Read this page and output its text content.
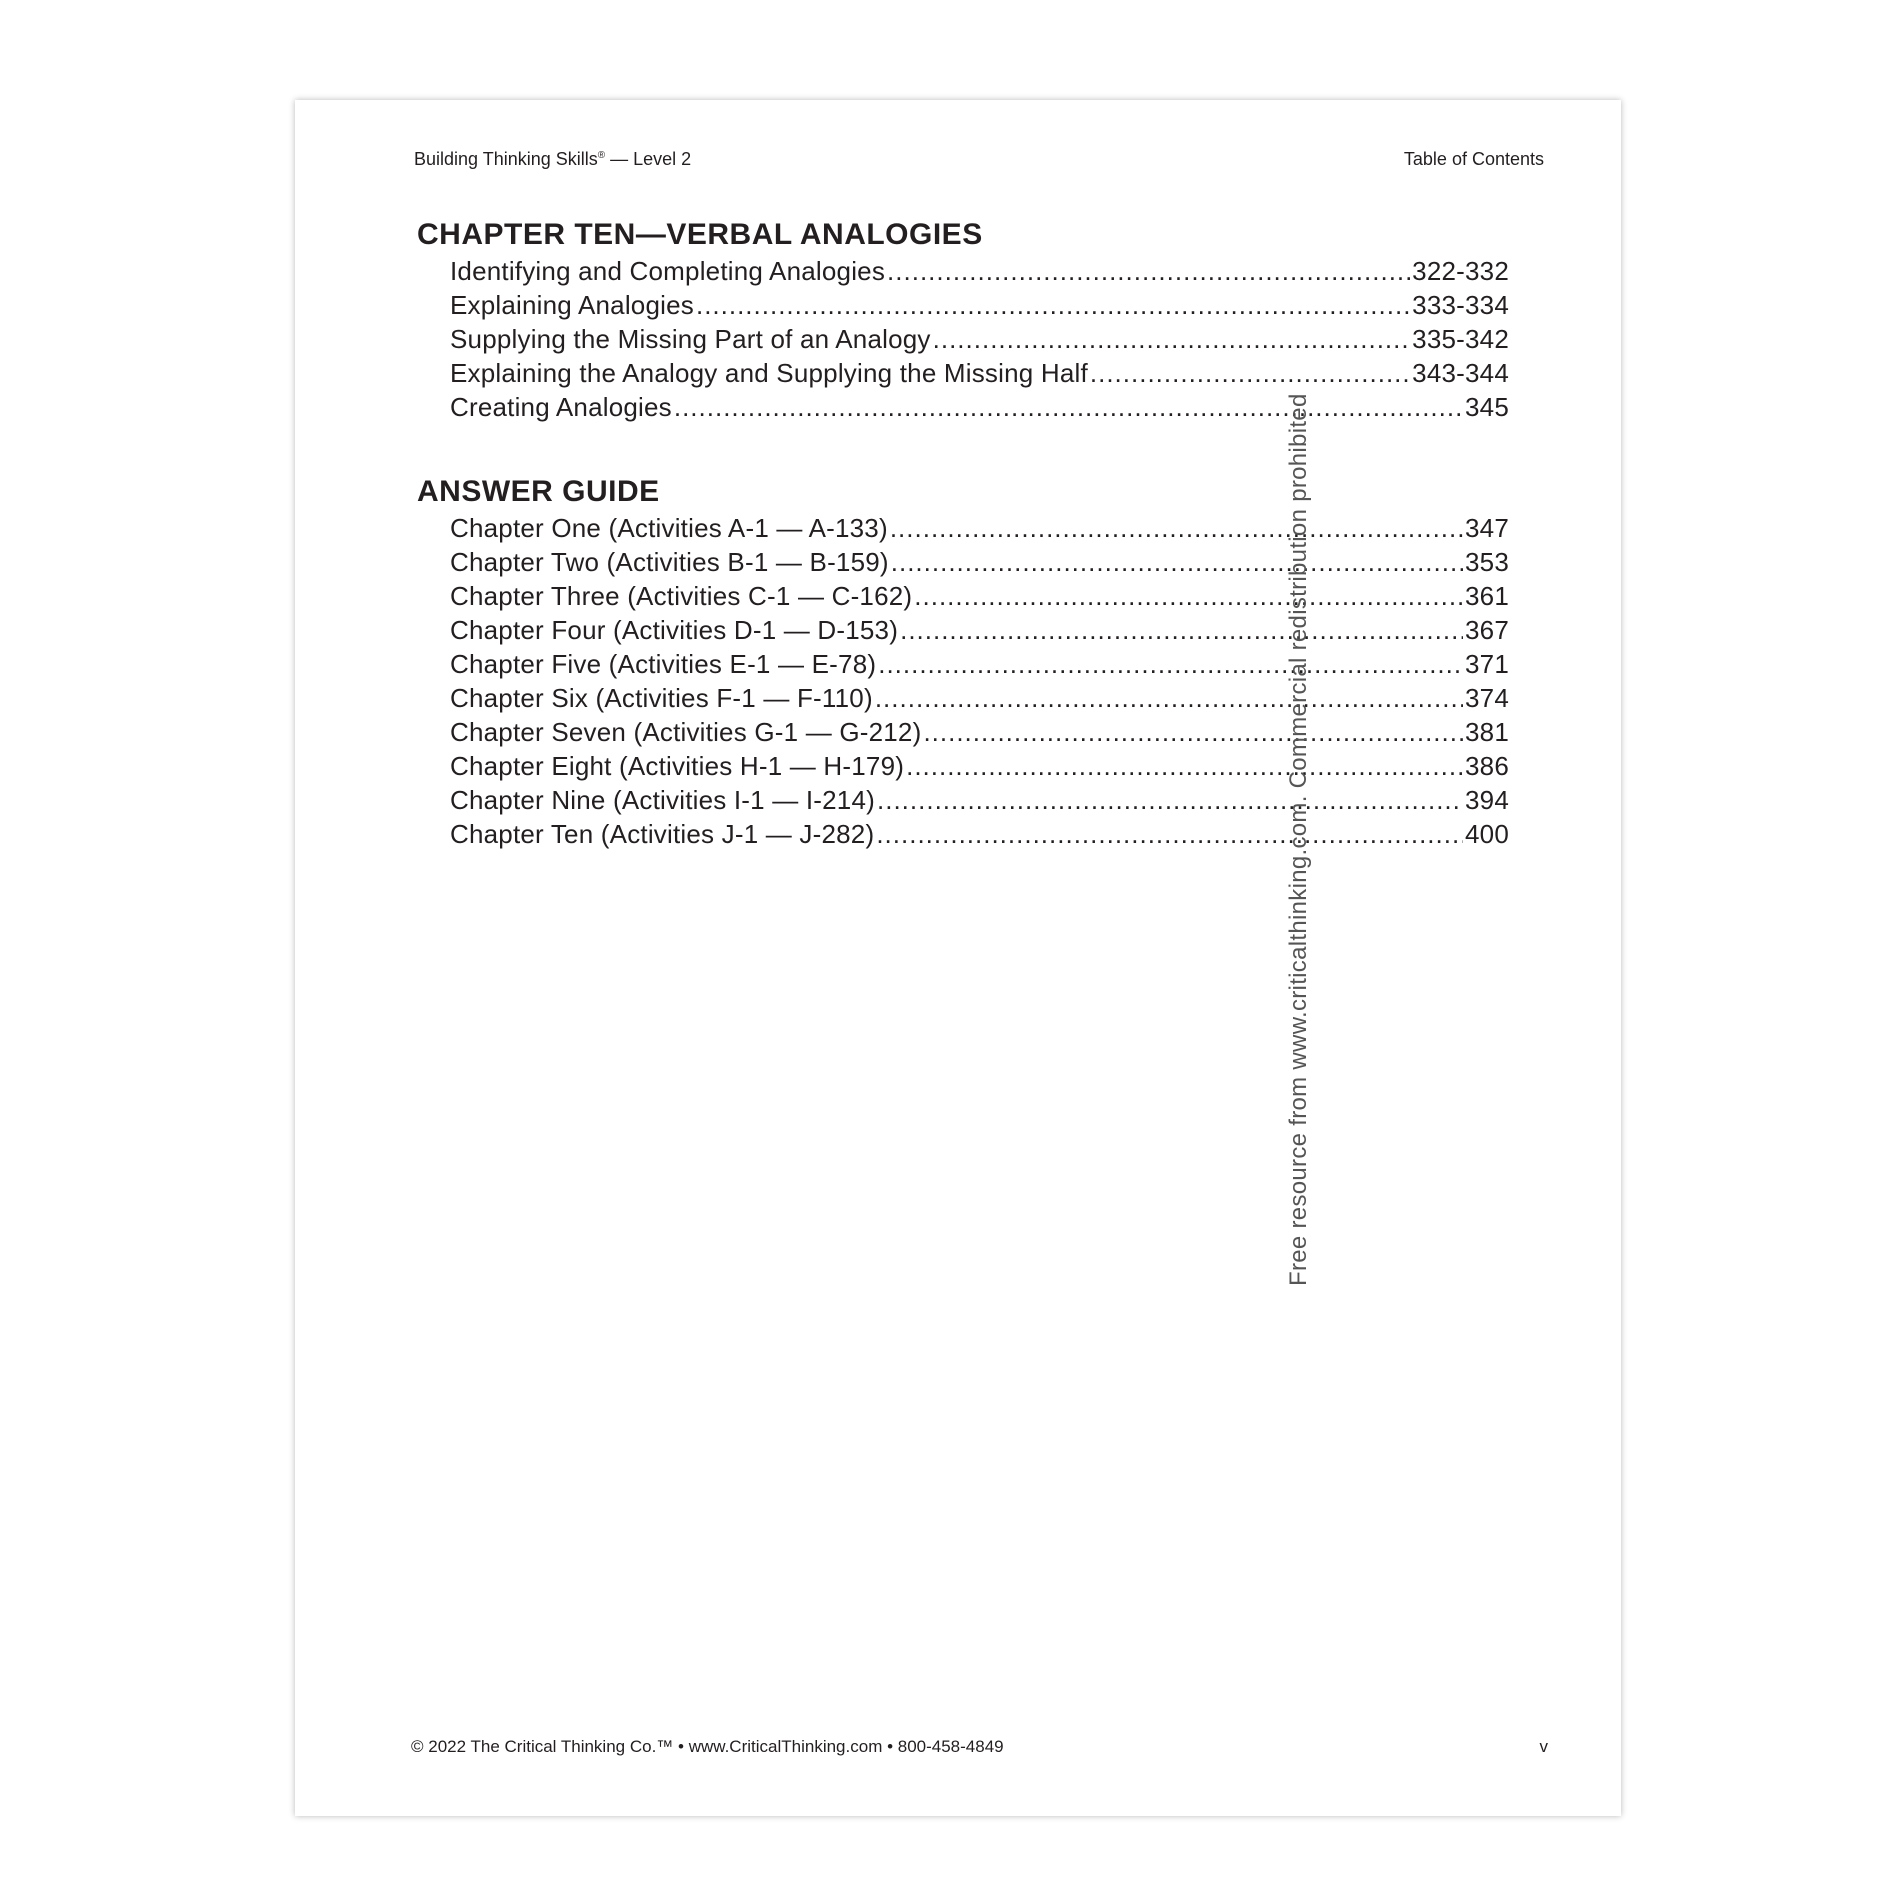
Building Thinking Skills® — Level 2	Table of Contents
CHAPTER TEN—VERBAL ANALOGIES
Identifying and Completing Analogies .....	322-332
Explaining Analogies .....	333-334
Supplying the Missing Part of an Analogy .....	335-342
Explaining the Analogy and Supplying the Missing Half .....	343-344
Creating Analogies .....	345
ANSWER GUIDE
Chapter One (Activities A-1 — A-133) .....	347
Chapter Two (Activities B-1 — B-159) .....	353
Chapter Three (Activities C-1 — C-162) .....	361
Chapter Four (Activities D-1 — D-153) .....	367
Chapter Five (Activities E-1 — E-78) .....	371
Chapter Six (Activities F-1 — F-110) .....	374
Chapter Seven (Activities G-1 — G-212) .....	381
Chapter Eight (Activities H-1 — H-179) .....	386
Chapter Nine (Activities I-1 — I-214) .....	394
Chapter Ten (Activities J-1 — J-282) .....	400
© 2022 The Critical Thinking Co.™ • www.CriticalThinking.com • 800-458-4849	v
Free resource from www.criticalthinking.com. Commercial redistribution prohibited
